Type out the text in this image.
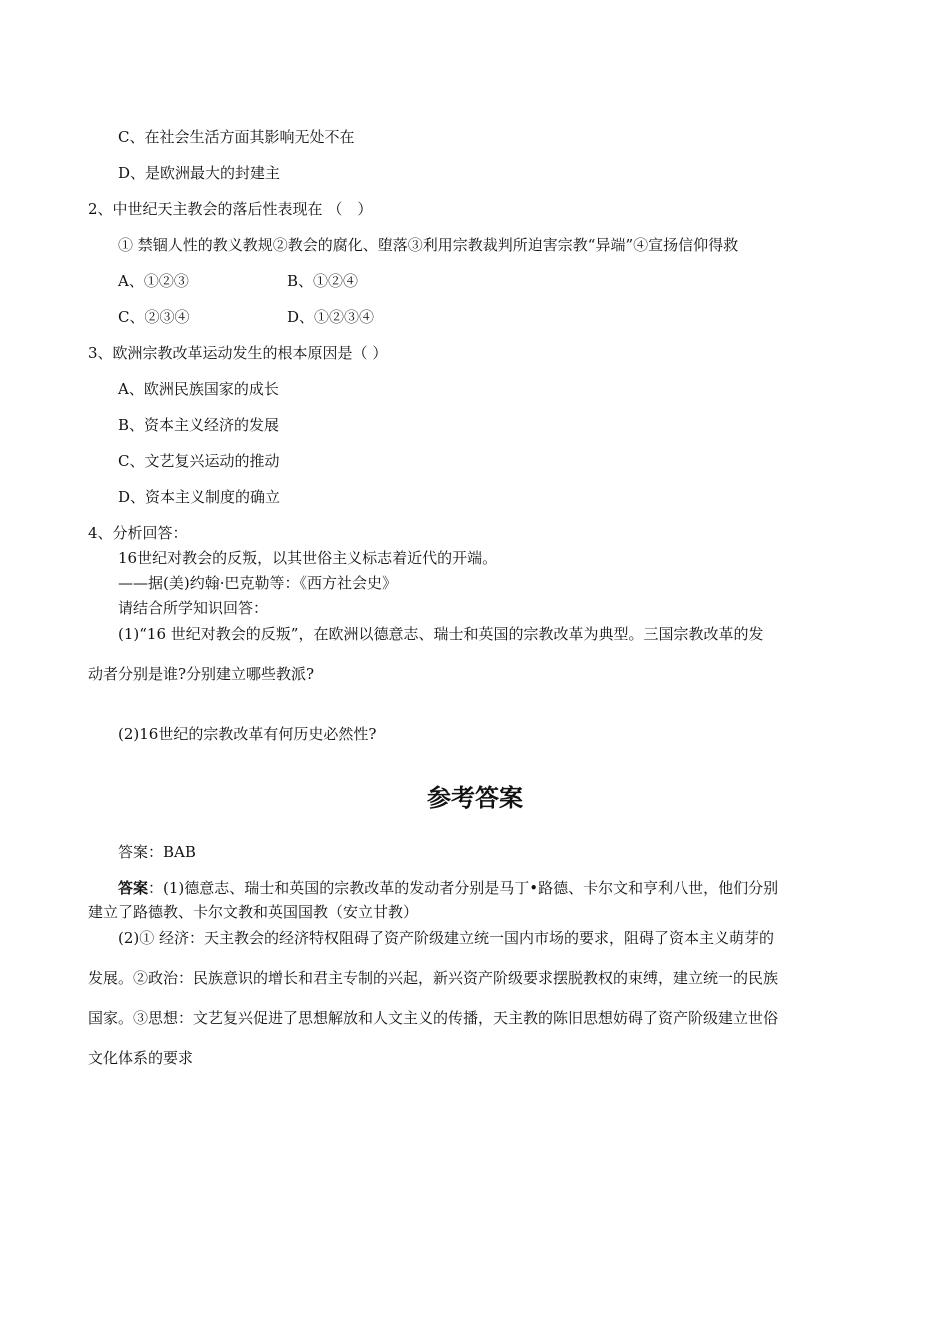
C、在社会生活方面其影响无处不在
D、是欧洲最大的封建主
2、中世纪天主教会的落后性表现在 （　）
① 禁锢人性的教义教规②教会的腐化、堕落③利用宗教裁判所迫害宗教“异端”④宣扬信仰得救
A、①②③	B、①②④
C、②③④	D、①②③④
3、欧洲宗教改革运动发生的根本原因是（ ）
A、欧洲民族国家的成长
B、资本主义经济的发展
C、文艺复兴运动的推动
D、资本主义制度的确立
4、分析回答：
16世纪对教会的反叛，以其世俗主义标志着近代的开端。
——据(美)约翰·巴克勒等：《西方社会史》
请结合所学知识回答：
(1)“16 世纪对教会的反叛”，在欧洲以德意志、瑞士和英国的宗教改革为典型。三国宗教改革的发
动者分别是谁?分别建立哪些教派?
(2)16世纪的宗教改革有何历史必然性?
参考答案
答案：BAB
答案：(1)德意志、瑞士和英国的宗教改革的发动者分别是马丁•路德、卡尔文和亨利八世，他们分别
建立了路德教、卡尔文教和英国国教（安立甘教）
(2)① 经济：天主教会的经济特权阻碍了资产阶级建立统一国内市场的要求，阻碍了资本主义萌芽的
发展。②政治：民族意识的增长和君主专制的兴起，新兴资产阶级要求摆脱教权的束缚，建立统一的民族
国家。③思想：文艺复兴促进了思想解放和人文主义的传播，天主教的陈旧思想妨碍了资产阶级建立世俗
文化体系的要求
